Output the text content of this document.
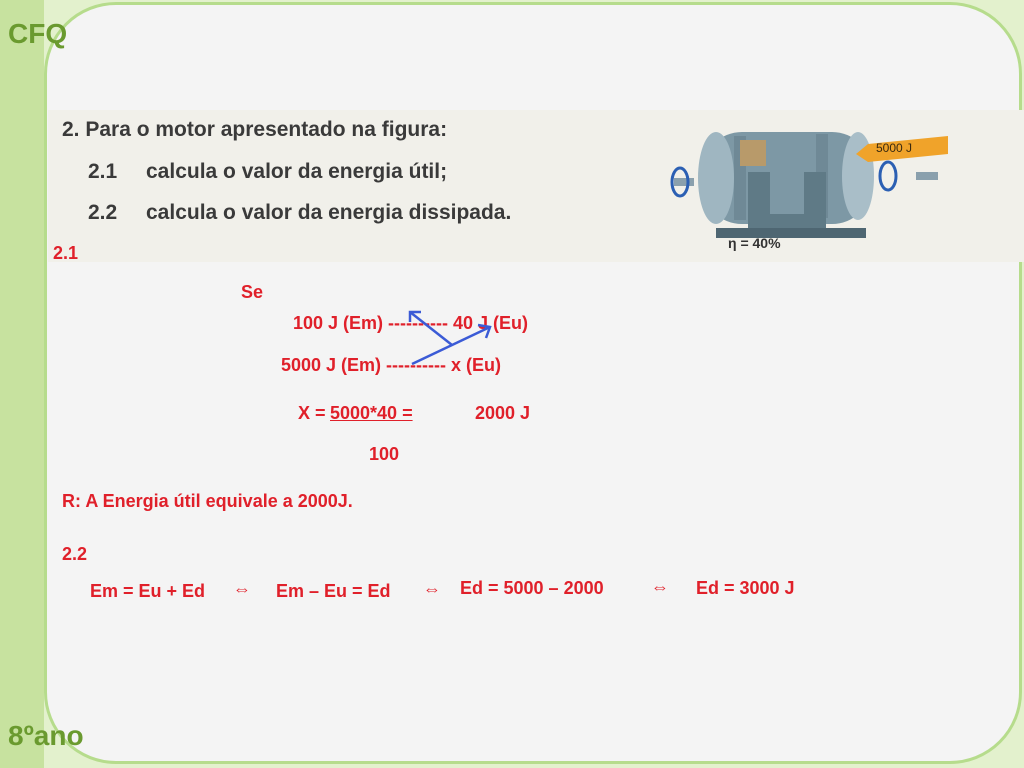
CFQ
8ºano
2. Para o motor apresentado na figura:
2.1 calcula o valor da energia útil;
2.2 calcula o valor da energia dissipada.
5000 J
η = 40%
2.1
Se
100 J (Em) ---------- 40 J (Eu)
5000 J (Em) ---------- x (Eu)
X = 5000*40 =	2000 J
100
R: A Energia útil equivale a 2000J.
2.2
Em = Eu + Ed ⇔ Em – Eu = Ed ⇔ Ed = 5000 – 2000	⇔ Ed = 3000 J
